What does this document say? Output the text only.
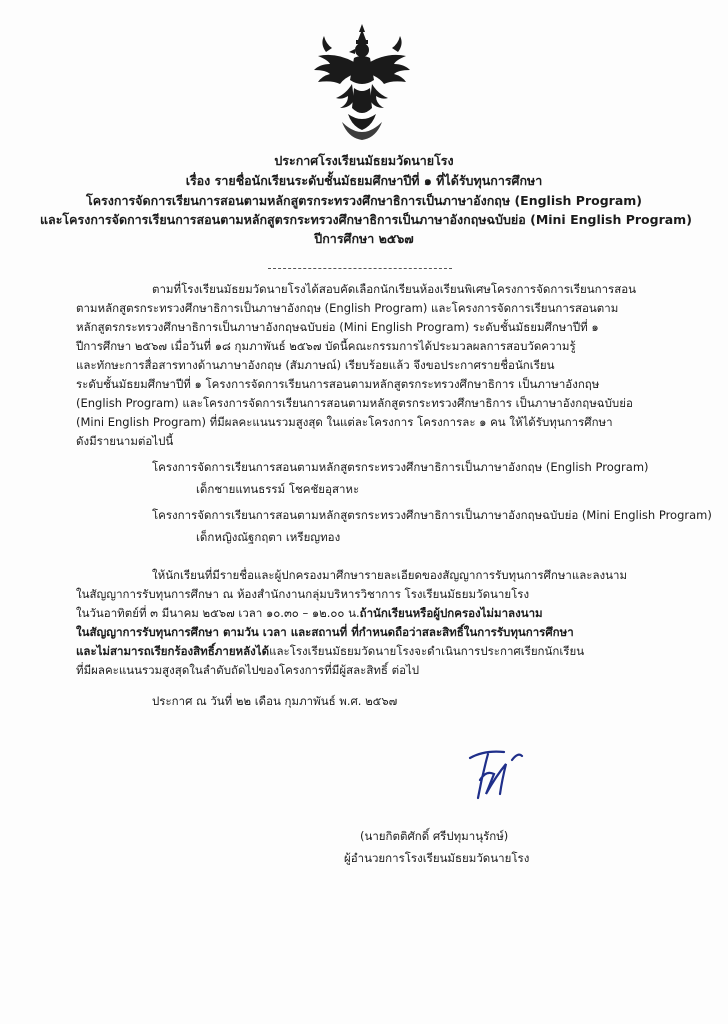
ประกาศโรงเรียนมัธยมวัดนายโรง
เรื่อง รายชื่อนักเรียนระดับชั้นมัธยมศึกษาปีที่ ๑ ที่ได้รับทุนการศึกษา
โครงการจัดการเรียนการสอนตามหลักสูตรกระทรวงศึกษาธิการเป็นภาษาอังกฤษ (English Program)
และโครงการจัดการเรียนการสอนตามหลักสูตรกระทรวงศึกษาธิการเป็นภาษาอังกฤษฉบับย่อ (Mini English Program)
ปีการศึกษา ๒๕๖๗
ตามที่โรงเรียนมัธยมวัดนายโรงได้สอบคัดเลือกนักเรียนห้องเรียนพิเศษโครงการจัดการเรียนการสอน
ตามหลักสูตรกระทรวงศึกษาธิการเป็นภาษาอังกฤษ (English Program) และโครงการจัดการเรียนการสอนตาม
หลักสูตรกระทรวงศึกษาธิการเป็นภาษาอังกฤษฉบับย่อ (Mini English Program) ระดับชั้นมัธยมศึกษาปีที่ ๑
ปีการศึกษา ๒๕๖๗ เมื่อวันที่ ๑๘ กุมภาพันธ์ ๒๕๖๗ บัดนี้คณะกรรมการได้ประมวลผลการสอบวัดความรู้
และทักษะการสื่อสารทางด้านภาษาอังกฤษ (สัมภาษณ์) เรียบร้อยแล้ว จึงขอประกาศรายชื่อนักเรียน
ระดับชั้นมัธยมศึกษาปีที่ ๑ โครงการจัดการเรียนการสอนตามหลักสูตรกระทรวงศึกษาธิการ เป็นภาษาอังกฤษ
(English Program) และโครงการจัดการเรียนการสอนตามหลักสูตรกระทรวงศึกษาธิการ เป็นภาษาอังกฤษฉบับย่อ
(Mini English Program) ที่มีผลคะแนนรวมสูงสุด ในแต่ละโครงการ โครงการละ ๑ คน ให้ได้รับทุนการศึกษา
ดังมีรายนามต่อไปนี้
โครงการจัดการเรียนการสอนตามหลักสูตรกระทรวงศึกษาธิการเป็นภาษาอังกฤษ (English Program)
เด็กชายแทนธรรม์ โชคชัยอุสาหะ
โครงการจัดการเรียนการสอนตามหลักสูตรกระทรวงศึกษาธิการเป็นภาษาอังกฤษฉบับย่อ (Mini English Program)
เด็กหญิงณัฐกฤตา เหรียญทอง
ให้นักเรียนที่มีรายชื่อและผู้ปกครองมาศึกษารายละเอียดของสัญญาการรับทุนการศึกษาและลงนาม
ในสัญญาการรับทุนการศึกษา ณ ห้องสำนักงานกลุ่มบริหารวิชาการ โรงเรียนมัธยมวัดนายโรง
ในวันอาทิตย์ที่ ๓ มีนาคม ๒๕๖๗ เวลา ๑๐.๓๐ – ๑๒.๐๐ น.ถ้านักเรียนหรือผู้ปกครองไม่มาลงนาม
ในสัญญาการรับทุนการศึกษา ตามวัน เวลา และสถานที่ ที่กำหนดถือว่าสละสิทธิ์ในการรับทุนการศึกษา
และไม่สามารถเรียกร้องสิทธิ์ภายหลังได้และโรงเรียนมัธยมวัดนายโรงจะดำเนินการประกาศเรียกนักเรียน
ที่มีผลคะแนนรวมสูงสุดในลำดับถัดไปของโครงการที่มีผู้สละสิทธิ์ ต่อไป
ประกาศ ณ วันที่ ๒๒ เดือน กุมภาพันธ์ พ.ศ. ๒๕๖๗
(นายกิตติศักดิ์ ศรีปทุมานุรักษ์)
ผู้อำนวยการโรงเรียนมัธยมวัดนายโรง
